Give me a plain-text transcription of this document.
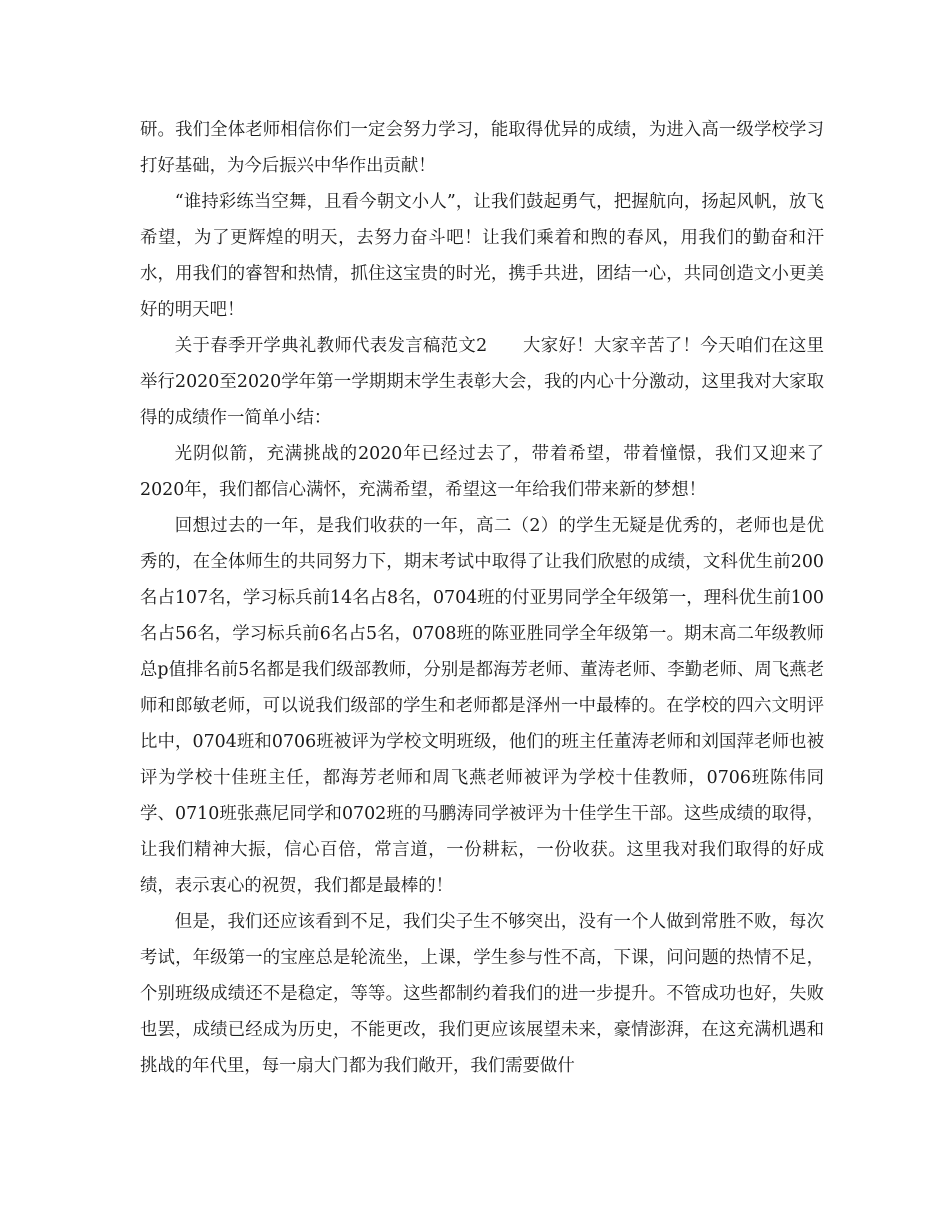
研。我们全体老师相信你们一定会努力学习，能取得优异的成绩，为进入高一级学校学习打好基础，为今后振兴中华作出贡献！

“谁持彩练当空舞，且看今朝文小人”，让我们鼓起勇气，把握航向，扬起风帆，放飞希望，为了更辉煌的明天，去努力奋斗吧！让我们乘着和煦的春风，用我们的勤奋和汗水，用我们的睿智和热情，抓住这宝贵的时光，携手共进，团结一心，共同创造文小更美好的明天吧！

关于春季开学典礼教师代表发言稿范文2　　大家好！大家辛苦了！今天咱们在这里举行2020至2020学年第一学期期末学生表彰大会，我的内心十分激动，这里我对大家取得的成绩作一简单小结：

光阴似箭，充满挑战的2020年已经过去了，带着希望，带着憧憬，我们又迎来了2020年，我们都信心满怀，充满希望，希望这一年给我们带来新的梦想！

回想过去的一年，是我们收获的一年，高二（2）的学生无疑是优秀的，老师也是优秀的，在全体师生的共同努力下，期末考试中取得了让我们欣慰的成绩，文科优生前200名占107名，学习标兵前14名占8名，0704班的付亚男同学全年级第一，理科优生前100名占56名，学习标兵前6名占5名，0708班的陈亚胜同学全年级第一。期末高二年级教师总p值排名前5名都是我们级部教师，分别是都海芳老师、董涛老师、李勤老师、周飞燕老师和郎敏老师，可以说我们级部的学生和老师都是泽州一中最棒的。在学校的四六文明评比中，0704班和0706班被评为学校文明班级，他们的班主任董涛老师和刘国萍老师也被评为学校十佳班主任，都海芳老师和周飞燕老师被评为学校十佳教师，0706班陈伟同学、0710班张燕尼同学和0702班的马鹏涛同学被评为十佳学生干部。这些成绩的取得，让我们精神大振，信心百倍，常言道，一份耕耘，一份收获。这里我对我们取得的好成绩，表示衷心的祝贺，我们都是最棒的！

但是，我们还应该看到不足，我们尖子生不够突出，没有一个人做到常胜不败，每次考试，年级第一的宝座总是轮流坐，上课，学生参与性不高，下课，问问题的热情不足，个别班级成绩还不是稳定，等等。这些都制约着我们的进一步提升。不管成功也好，失败也罢，成绩已经成为历史，不能更改，我们更应该展望未来，豪情澎湃，在这充满机遇和挑战的年代里，每一扇大门都为我们敞开，我们需要做什
